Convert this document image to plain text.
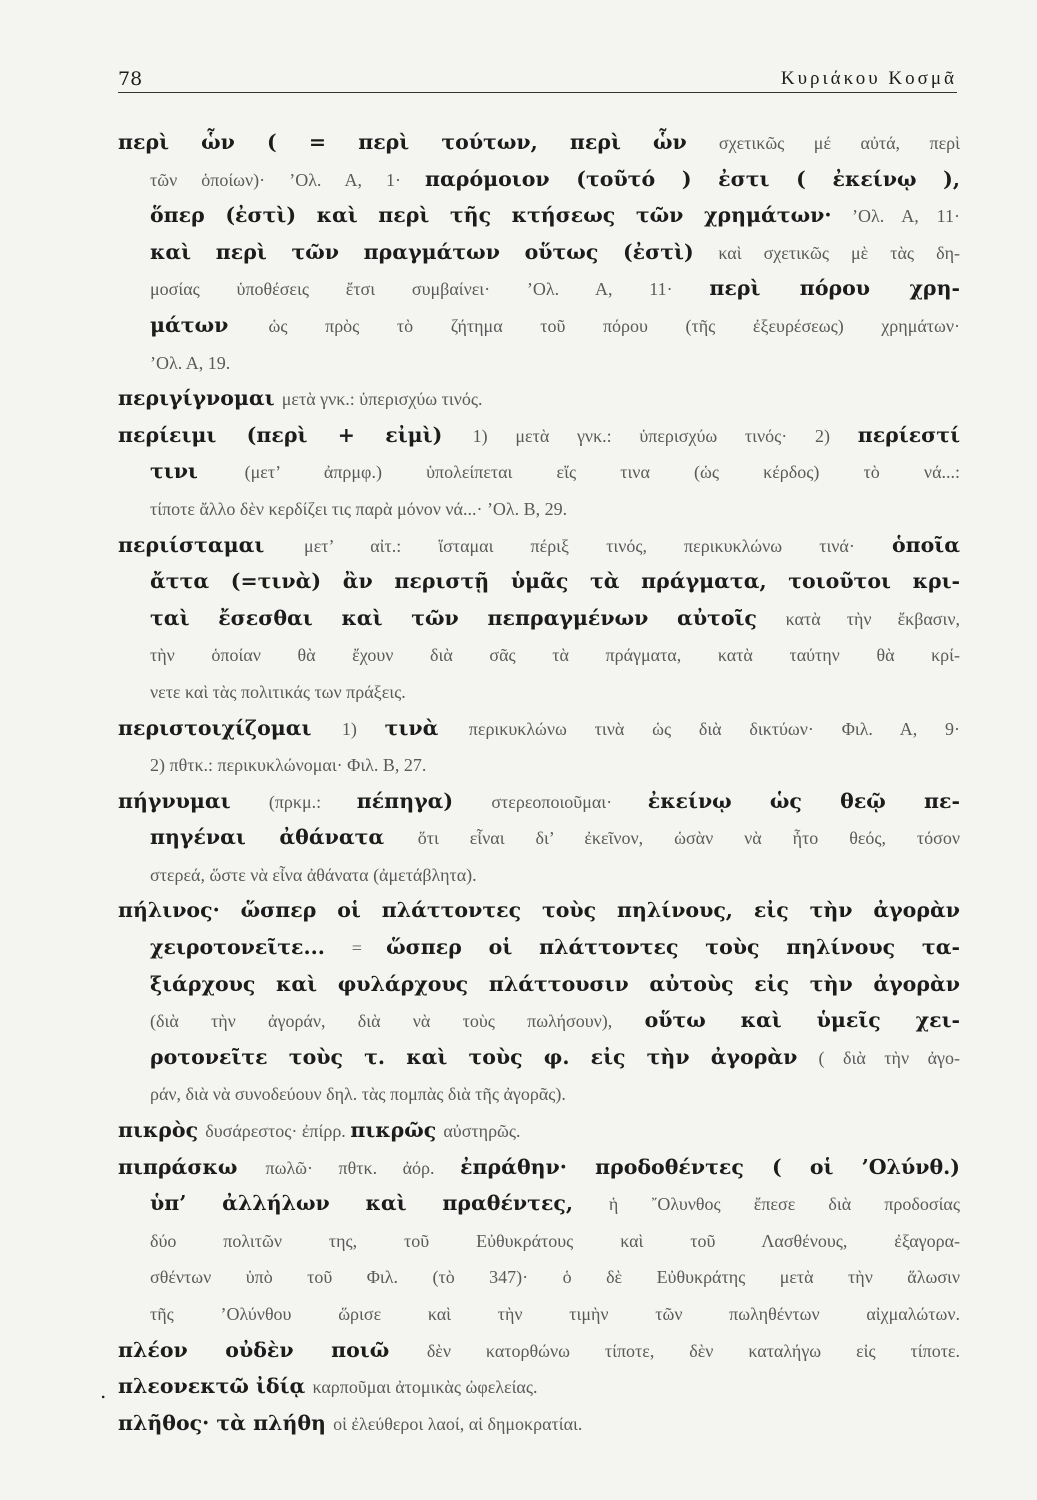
78	Κυριάκου Κοσμᾶ
περὶ ὧν ( = περὶ τούτων, περὶ ὧν σχετικῶς μέ αὐτά, περὶ
τῶν ὁποίων)· ’Ολ. Α, 1· παρόμοιον (τοῦτό ) ἐστι ( ἐκείνῳ ),
ὅπερ (ἐστὶ) καὶ περὶ τῆς κτήσεως τῶν χρημάτων· ’Ολ. Α, 11·
καὶ περὶ τῶν πραγμάτων οὕτως (ἐστὶ) καὶ σχετικῶς μὲ τὰς δη-
μοσίας ὑποθέσεις ἔτσι συμβαίνει· ’Ολ. Α, 11· περὶ πόρου χρη-
μάτων ὡς πρὸς τὸ ζήτημα τοῦ πόρου (τῆς ἐξευρέσεως) χρημάτων·
’Ολ. Α, 19.
περιγίγνομαι μετὰ γνκ.: ὑπερισχύω τινός.
περίειμι (περὶ + εἰμὶ) 1) μετὰ γνκ.: ὑπερισχύω τινός· 2) περίεστί
τινι (μετ’ ἀπρμφ.) ὑπολείπεται εἴς τινα (ὡς κέρδος) τὸ νά...:
τίποτε ἄλλο δὲν κερδίζει τις παρὰ μόνον νά...· ’Ολ. Β, 29.
περιίσταμαι μετ’ αἰτ.: ἵσταμαι πέριξ τινός, περικυκλώνω τινά· ὁποῖα
ἄττα (=τινὰ) ἂν περιστῇ ὑμᾶς τὰ πράγματα, τοιοῦτοι κρι-
ταὶ ἔσεσθαι καὶ τῶν πεπραγμένων αὐτοῖς κατὰ τὴν ἔκβασιν,
τὴν ὁποίαν θὰ ἔχουν διὰ σᾶς τὰ πράγματα, κατὰ ταύτην θὰ κρί-
νετε καὶ τὰς πολιτικάς των πράξεις.
περιστοιχίζομαι 1) τινὰ περικυκλώνω τινὰ ὡς διὰ δικτύων· Φιλ. Α, 9·
2) πθτκ.: περικυκλώνομαι· Φιλ. Β, 27.
πήγνυμαι (πρκμ.: πέπηγα) στερεοποιοῦμαι· ἐκείνῳ ὡς θεῷ πε-
πηγέναι ἀθάνατα ὅτι εἶναι δι’ ἐκεῖνον, ὡσὰν νὰ ἦτο θεός, τόσον
στερεά, ὥστε νὰ εἶνα ἀθάνατα (ἀμετάβλητα).
πήλινος· ὥσπερ οἱ πλάττοντες τοὺς πηλίνους, εἰς τὴν ἀγορὰν
χειροτονεῖτε... = ὥσπερ οἱ πλάττοντες τοὺς πηλίνους τα-
ξιάρχους καὶ φυλάρχους πλάττουσιν αὐτοὺς εἰς τὴν ἀγορὰν
(διὰ τὴν ἀγοράν, διὰ νὰ τοὺς πωλήσουν), οὕτω καὶ ὑμεῖς χει-
ροτονεῖτε τοὺς τ. καὶ τοὺς φ. εἰς τὴν ἀγορὰν ( διὰ τὴν ἀγο-
ράν, διὰ νὰ συνοδεύουν δηλ. τὰς πομπὰς διὰ τῆς ἀγορᾶς).
πικρὸς δυσάρεστος· ἐπίρρ. πικρῶς αὐστηρῶς.
πιπράσκω πωλῶ· πθτκ. ἀόρ. ἐπράθην· προδοθέντες ( οἱ ’Ολύνθ.)
ὑπ’ ἀλλήλων καὶ πραθέντες, ἡ ῎Ολυνθος ἔπεσε διὰ προδοσίας
δύο πολιτῶν της, τοῦ Εὐθυκράτους καὶ τοῦ Λασθένους, ἐξαγορα-
σθέντων ὑπὸ τοῦ Φιλ. (τὸ 347)· ὁ δὲ Εὐθυκράτης μετὰ τὴν ἅλωσιν
τῆς ’Ολύνθου ὥρισε καὶ τὴν τιμὴν τῶν πωληθέντων αἰχμαλώτων.
πλέον οὐδὲν ποιῶ δὲν κατορθώνω τίποτε, δὲν καταλήγω εἰς τίποτε.
πλεονεκτῶ ἰδίᾳ καρποῦμαι ἀτομικὰς ὠφελείας.
πλῆθος· τὰ πλήθη οἱ ἐλεύθεροι λαοί, αἱ δημοκρατίαι.
.
